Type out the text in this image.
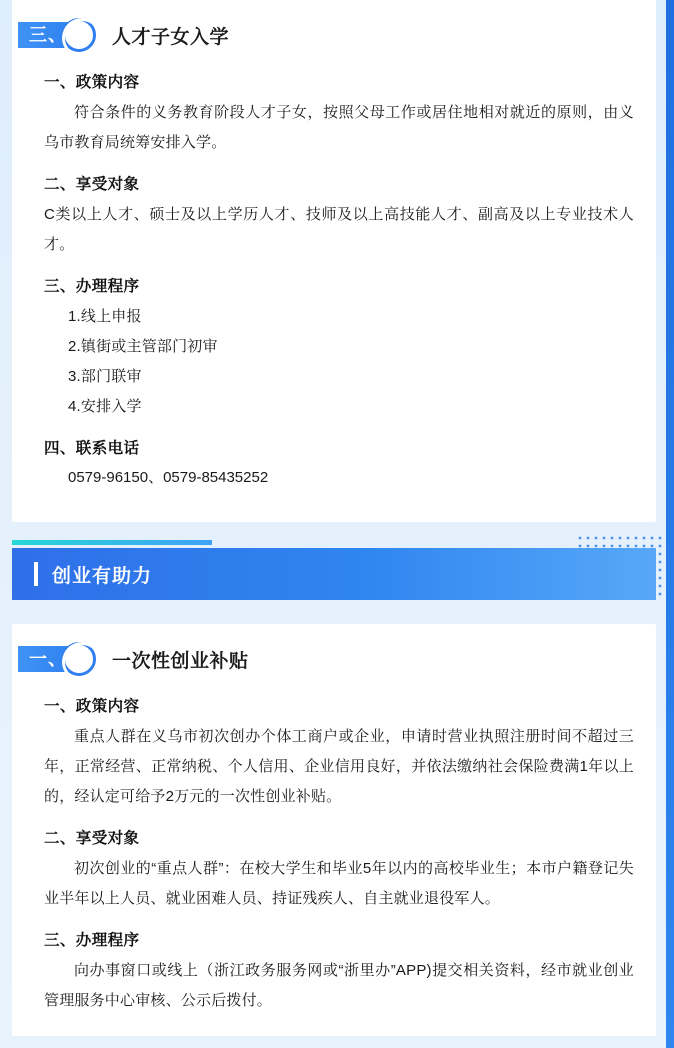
三、 人才子女入学
一、政策内容

符合条件的义务教育阶段人才子女，按照父母工作或居住地相对就近的原则，由义乌市教育局统筹安排入学。

二、享受对象

C类以上人才、硕士及以上学历人才、技师及以上高技能人才、副高及以上专业技术人才。

三、办理程序
1.线上申报
2.镇街或主管部门初审
3.部门联审
4.安排入学
四、联系电话
0579-96150、0579-85435252
创业有助力
一、 一次性创业补贴
一、政策内容

重点人群在义乌市初次创办个体工商户或企业，申请时营业执照注册时间不超过三年，正常经营、正常纳税、个人信用、企业信用良好，并依法缴纳社会保险费满1年以上的，经认定可给予2万元的一次性创业补贴。

二、享受对象

初次创业的“重点人群”：在校大学生和毕业5年以内的高校毕业生；本市户籍登记失业半年以上人员、就业困难人员、持证残疾人、自主就业退役军人。

三、办理程序

向办事窗口或线上（浙江政务服务网或“浙里办”APP)提交相关资料，经市就业创业管理服务中心审核、公示后拨付。
